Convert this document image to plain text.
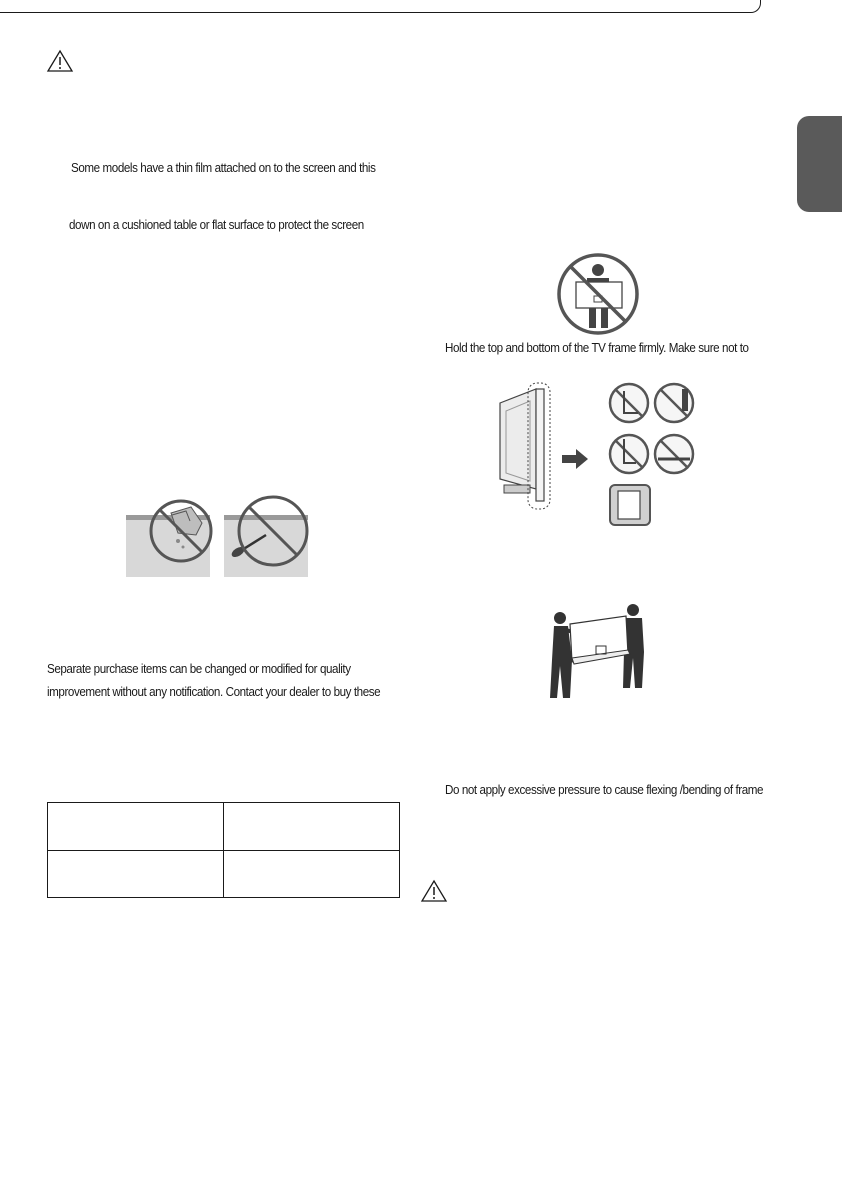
Some models have a thin film attached on to the screen and this
down on a cushioned table or flat surface to protect the screen
Separate purchase items can be changed or modified for quality
improvement without any notification. Contact your dealer to buy these

Hold the top and bottom of the TV frame firmly. Make sure not to
Do not apply excessive pressure to cause flexing /bending of frame
